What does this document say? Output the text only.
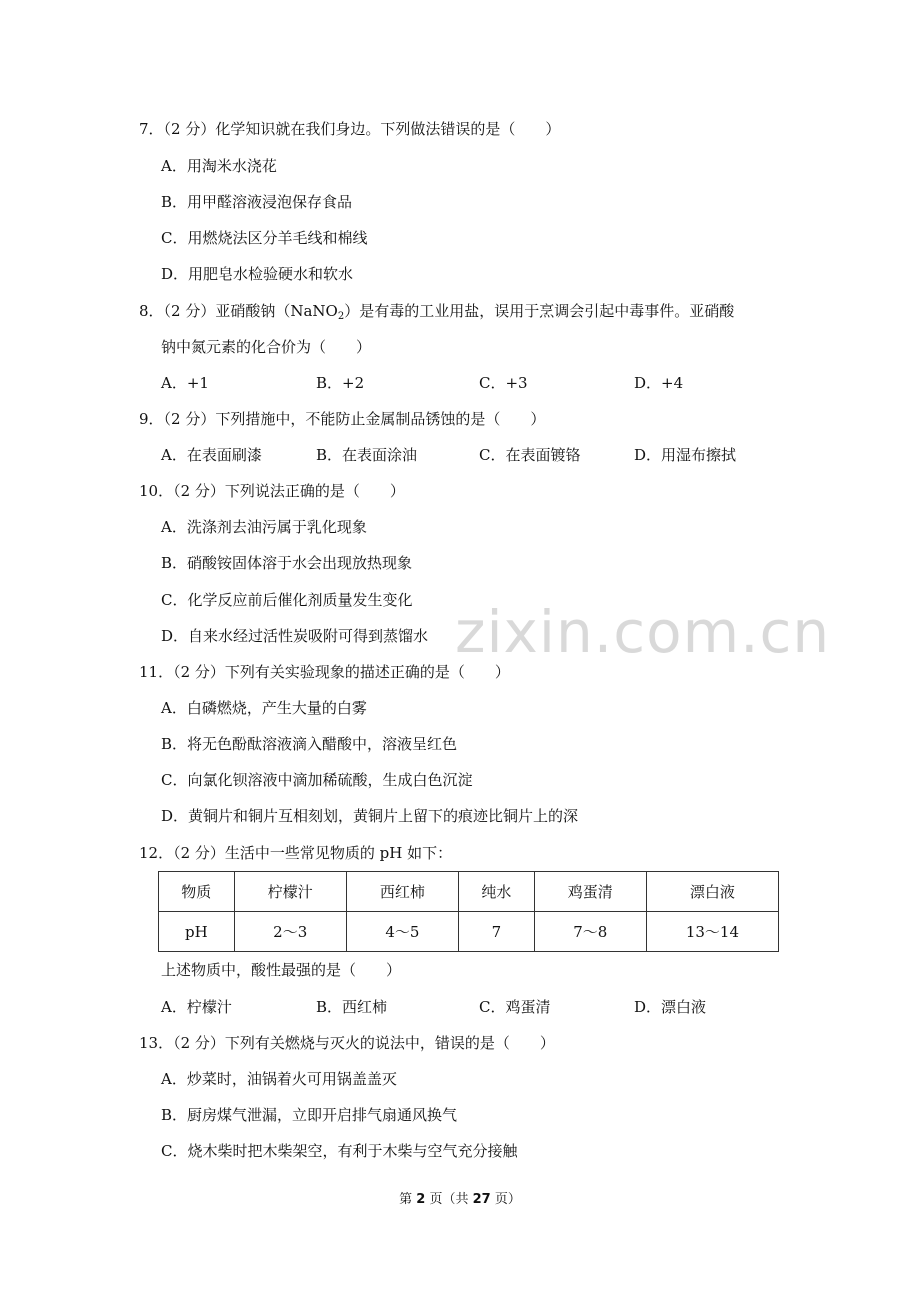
zixin.com.cn
7．（2 分）化学知识就在我们身边。下列做法错误的是（　　）
A．用淘米水浇花
B．用甲醛溶液浸泡保存食品
C．用燃烧法区分羊毛线和棉线
D．用肥皂水检验硬水和软水
8．（2 分）亚硝酸钠（NaNO$_2$）是有毒的工业用盐，误用于烹调会引起中毒事件。亚硝酸
钠中氮元素的化合价为（　　）
A．+1	B．+2	C．+3	D．+4
9．（2 分）下列措施中，不能防止金属制品锈蚀的是（　　）
A．在表面刷漆	B．在表面涂油	C．在表面镀铬	D．用湿布擦拭
10．（2 分）下列说法正确的是（　　）
A．洗涤剂去油污属于乳化现象
B．硝酸铵固体溶于水会出现放热现象
C．化学反应前后催化剂质量发生变化
D．自来水经过活性炭吸附可得到蒸馏水
11．（2 分）下列有关实验现象的描述正确的是（　　）
A．白磷燃烧，产生大量的白雾
B．将无色酚酞溶液滴入醋酸中，溶液呈红色
C．向氯化钡溶液中滴加稀硫酸，生成白色沉淀
D．黄铜片和铜片互相刻划，黄铜片上留下的痕迹比铜片上的深
12．（2 分）生活中一些常见物质的 pH 如下：
物质	柠檬汁	西红柿	纯水	鸡蛋清	漂白液
pH	2～3	4～5	7	7～8	13～14
上述物质中，酸性最强的是（　　）
A．柠檬汁	B．西红柿	C．鸡蛋清	D．漂白液
13．（2 分）下列有关燃烧与灭火的说法中，错误的是（　　）
A．炒菜时，油锅着火可用锅盖盖灭
B．厨房煤气泄漏，立即开启排气扇通风换气
C．烧木柴时把木柴架空，有利于木柴与空气充分接触
第 2 页（共 27 页）
